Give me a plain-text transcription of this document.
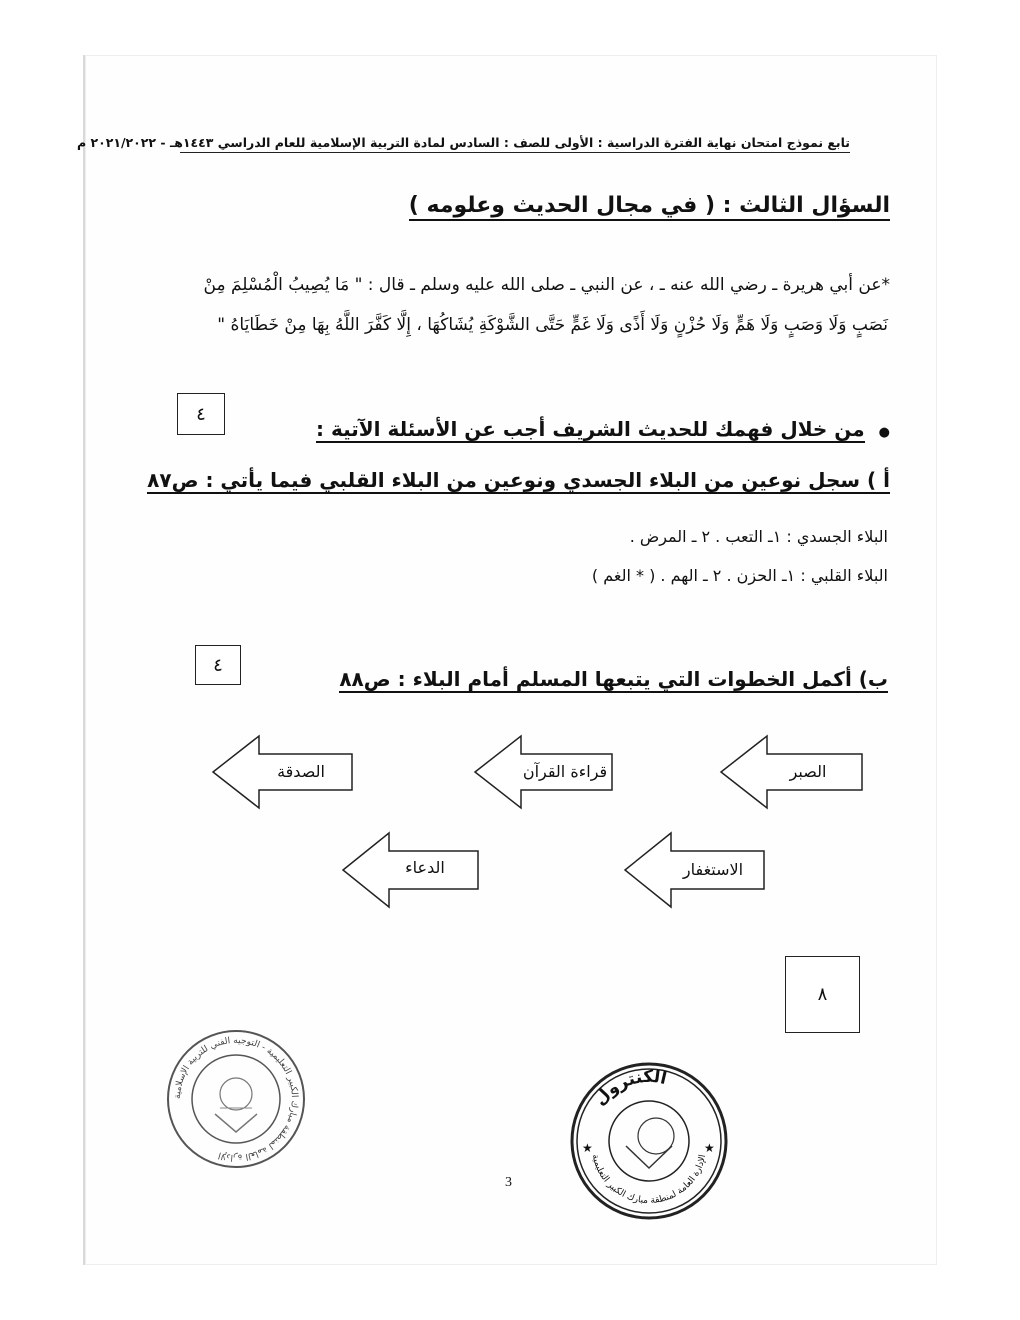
تابع نموذج امتحان نهاية الفترة الدراسية : الأولى للصف : السادس لمادة التربية الإسلامية للعام الدراسي ١٤٤٣هـ - ٢٠٢١/٢٠٢٢ م
السؤال الثالث : ( في مجال الحديث وعلومه )
*عن أبي هريرة ـ رضي الله عنه ـ ، عن النبي ـ صلى الله عليه وسلم ـ قال : " مَا يُصِيبُ الْمُسْلِمَ مِنْ
نَصَبٍ وَلَا وَصَبٍ وَلَا هَمٍّ وَلَا حُزْنٍ وَلَا أَذًى وَلَا غَمٍّ حَتَّى الشَّوْكَةِ يُشَاكُهَا ، إِلَّا كَفَّرَ اللَّهُ بِهَا مِنْ خَطَايَاهُ "
٤
●من خلال فهمك للحديث الشريف أجب عن الأسئلة الآتية :
أ ) سجل نوعين من البلاء الجسدي ونوعين من البلاء القلبي فيما يأتي : ص٨٧
البلاء الجسدي : ١ـ التعب . ٢ ـ المرض .
البلاء القلبي : ١ـ الحزن . ٢ ـ الهم . ( * الغم )
٤
ب) أكمل الخطوات التي يتبعها المسلم أمام البلاء : ص٨٨
الصدقة	قراءة القرآن	الصبر
الدعاء	الاستغفار
٨
الإدارة العامة لمنطقة مبارك الكبير التعليمية - التوجيه الفني للتربية الإسلامية
3
الكنترول
الإدارة العامة لمنطقة مبارك الكبير التعليمية
★	★
